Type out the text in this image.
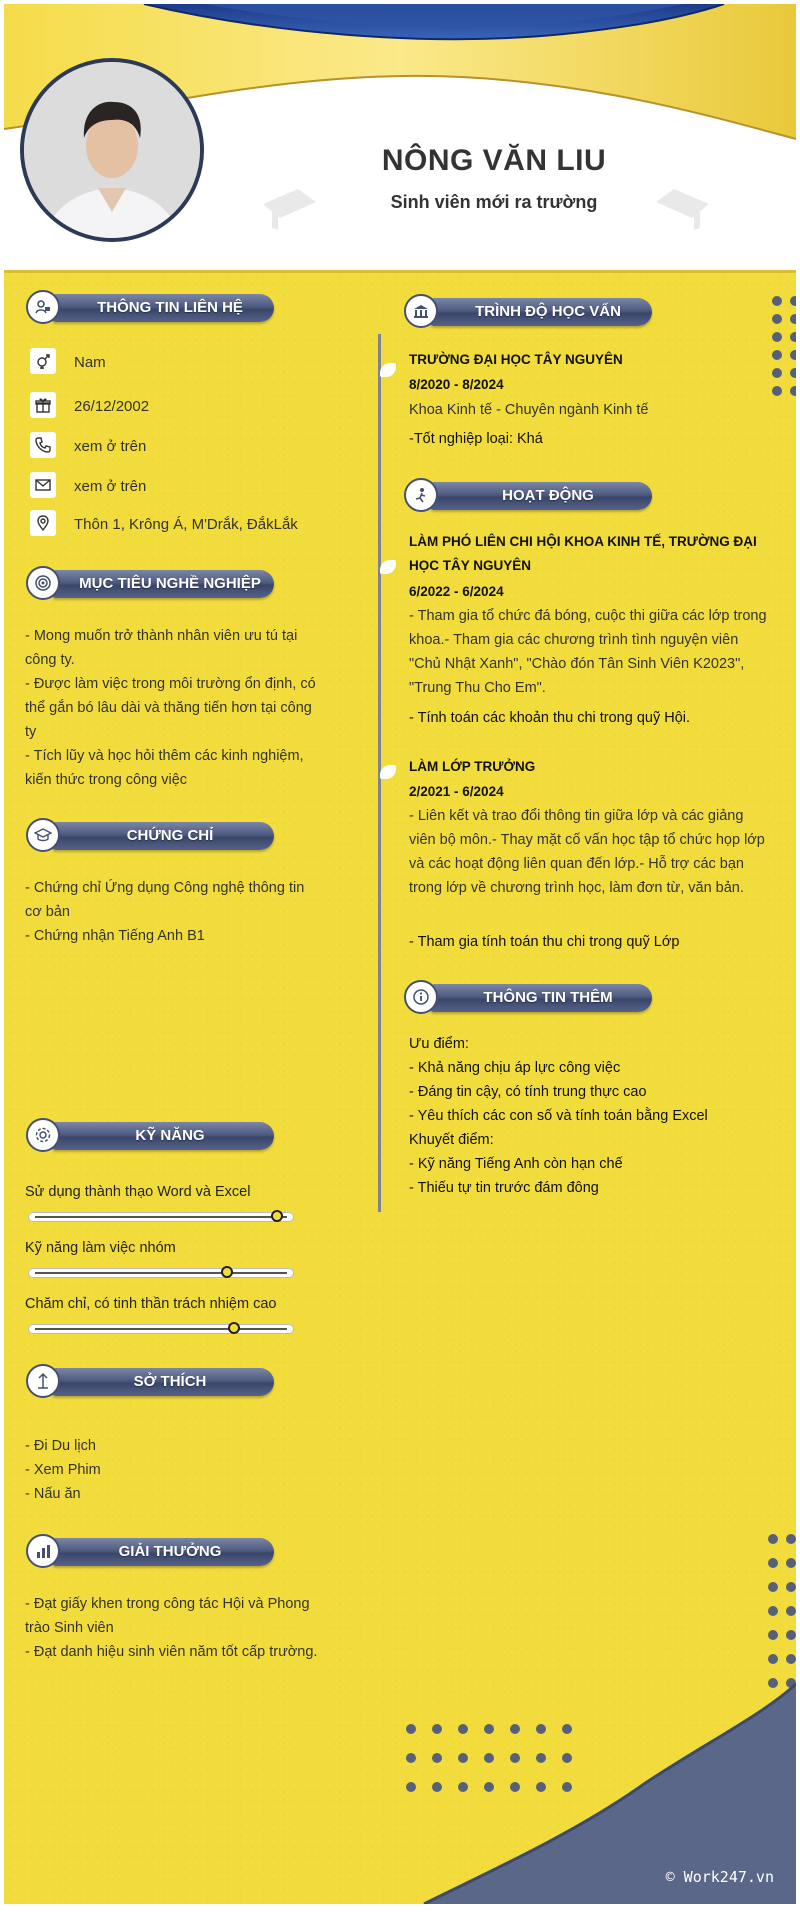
NÔNG VĂN LIU
Sinh viên mới ra trường
THÔNG TIN LIÊN HỆ
Nam
26/12/2002
xem ở trên
xem ở trên
Thôn 1, Krông Á, M'Drắk, ĐắkLắk
MỤC TIÊU NGHỀ NGHIỆP

- Mong muốn trở thành nhân viên ưu tú tại công ty.

- Được làm việc trong môi trường ổn định, có thể gắn bó lâu dài và thăng tiến hơn tại công ty

- Tích lũy và học hỏi thêm các kinh nghiệm, kiến thức trong công việc

CHỨNG CHỈ

- Chứng chỉ Ứng dụng Công nghệ thông tin cơ bản

- Chứng nhận Tiếng Anh B1

KỸ NĂNG
Sử dụng thành thạo Word và Excel
Kỹ năng làm việc nhóm
Chăm chỉ, có tinh thần trách nhiệm cao
SỞ THÍCH

- Đi Du lịch

- Xem Phim

- Nấu ăn

GIẢI THƯỞNG

- Đạt giấy khen trong công tác Hội và Phong trào Sinh viên

- Đạt danh hiệu sinh viên năm tốt cấp trường.

TRÌNH ĐỘ HỌC VẤN
TRƯỜNG ĐẠI HỌC TÂY NGUYÊN
8/2020 - 8/2024
Khoa Kinh tế - Chuyên ngành Kinh tế
-Tốt nghiệp loại: Khá
HOẠT ĐỘNG
LÀM PHÓ LIÊN CHI HỘI KHOA KINH TẾ, TRƯỜNG ĐẠI HỌC TÂY NGUYÊN
6/2022 - 6/2024
- Tham gia tổ chức đá bóng, cuộc thi giữa các lớp trong khoa.- Tham gia các chương trình tình nguyện viên "Chủ Nhật Xanh", "Chào đón Tân Sinh Viên K2023", "Trung Thu Cho Em".
- Tính toán các khoản thu chi trong quỹ Hội.
LÀM LỚP TRƯỞNG
2/2021 - 6/2024
- Liên kết và trao đổi thông tin giữa lớp và các giảng viên bộ môn.- Thay mặt cố vấn học tập tổ chức họp lớp và các hoạt động liên quan đến lớp.- Hỗ trợ các bạn trong lớp về chương trình học, làm đơn từ, văn bản.
- Tham gia tính toán thu chi trong quỹ Lớp
THÔNG TIN THÊM

Ưu điểm:

- Khả năng chịu áp lực công việc

- Đáng tin cậy, có tính trung thực cao

- Yêu thích các con số và tính toán bằng Excel

Khuyết điểm:

- Kỹ năng Tiếng Anh còn hạn chế

- Thiếu tự tin trước đám đông

© Work247.vn
